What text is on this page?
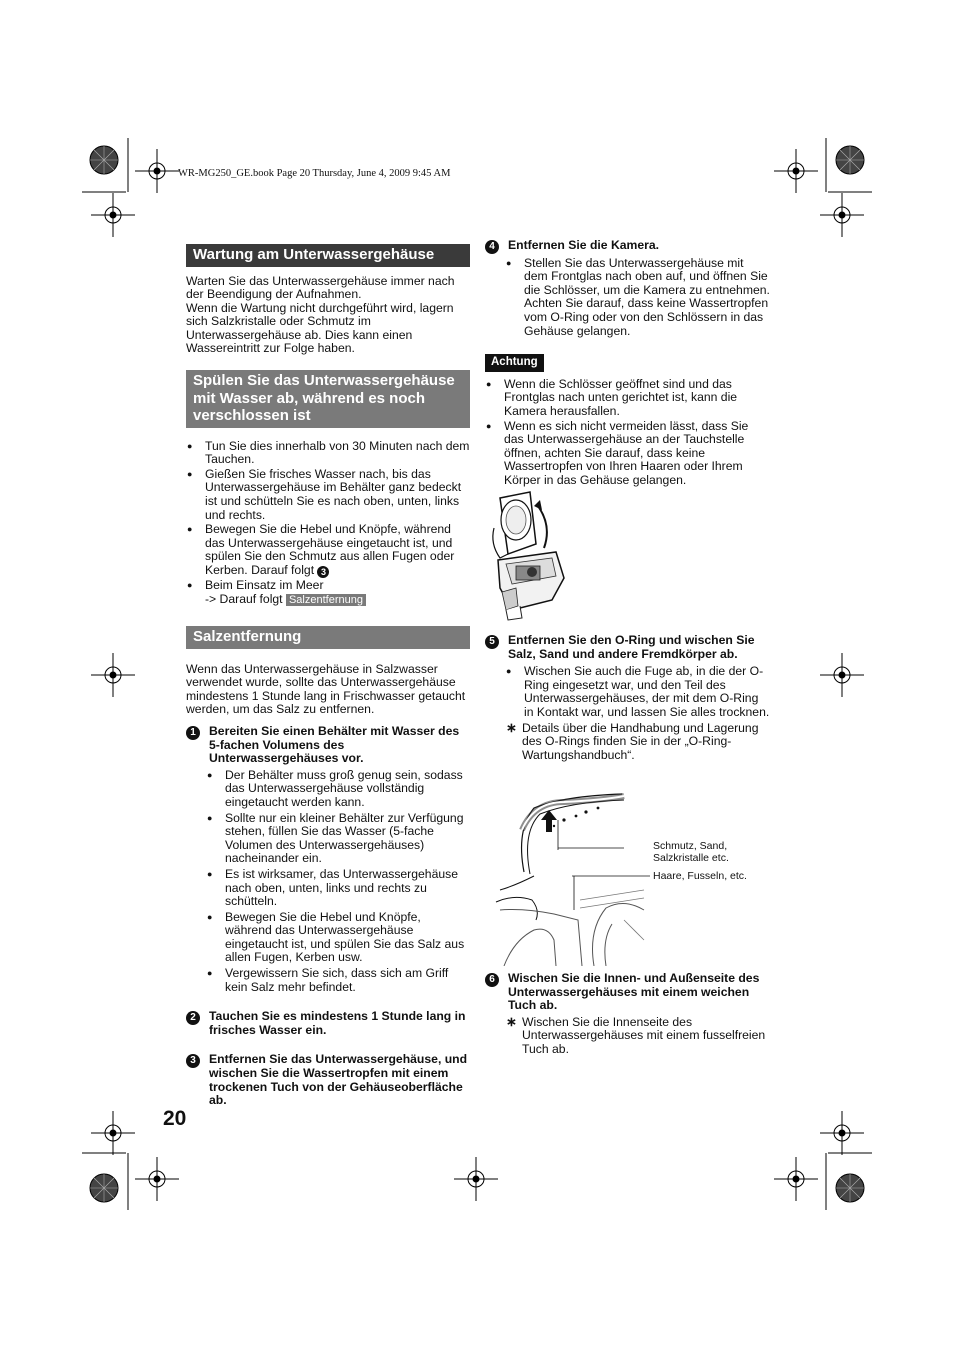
WR-MG250_GE.book Page 20 Thursday, June 4, 2009 9:45 AM
Wartung am Unterwassergehäuse

Warten Sie das Unterwassergehäuse immer nach der Beendigung der Aufnahmen.

Wenn die Wartung nicht durchgeführt wird, lagern sich Salzkristalle oder Schmutz im Unterwassergehäuse ab. Dies kann einen Wassereintritt zur Folge haben.

Spülen Sie das Unterwassergehäuse mit Wasser ab, während es noch verschlossen ist
● Tun Sie dies innerhalb von 30 Minuten nach dem Tauchen.
● Gießen Sie frisches Wasser nach, bis das Unterwassergehäuse im Behälter ganz bedeckt ist und schütteln Sie es nach oben, unten, links und rechts.
● Bewegen Sie die Hebel und Knöpfe, während das Unterwassergehäuse eingetaucht ist, und spülen Sie den Schmutz aus allen Fugen oder Kerben. Darauf folgt 3
● Beim Einsatz im Meer
-> Darauf folgt Salzentfernung
Salzentfernung

Wenn das Unterwassergehäuse in Salzwasser verwendet wurde, sollte das Unterwassergehäuse mindestens 1 Stunde lang in Frischwasser getaucht werden, um das Salz zu entfernen.

1	Bereiten Sie einen Behälter mit Wasser des 5-fachen Volumens des Unterwassergehäuses vor.
● Der Behälter muss groß genug sein, sodass das Unterwassergehäuse vollständig eingetaucht werden kann.
● Sollte nur ein kleiner Behälter zur Verfügung stehen, füllen Sie das Wasser (5-fache Volumen des Unterwassergehäuses) nacheinander ein.
● Es ist wirksamer, das Unterwassergehäuse nach oben, unten, links und rechts zu schütteln.
● Bewegen Sie die Hebel und Knöpfe, während das Unterwassergehäuse eingetaucht ist, und spülen Sie das Salz aus allen Fugen, Kerben usw.
● Vergewissern Sie sich, dass sich am Griff kein Salz mehr befindet.
2	Tauchen Sie es mindestens 1 Stunde lang in frisches Wasser ein.
3	Entfernen Sie das Unterwassergehäuse, und wischen Sie die Wassertropfen mit einem trockenen Tuch von der Gehäuseoberfläche ab.
20
4	Entfernen Sie die Kamera.
● Stellen Sie das Unterwassergehäuse mit dem Frontglas nach oben auf, und öffnen Sie die Schlösser, um die Kamera zu entnehmen. Achten Sie darauf, dass keine Wassertropfen vom O-Ring oder von den Schlössern in das Gehäuse gelangen.
Achtung
● Wenn die Schlösser geöffnet sind und das Frontglas nach unten gerichtet ist, kann die Kamera herausfallen.
● Wenn es sich nicht vermeiden lässt, dass Sie das Unterwassergehäuse an der Tauchstelle öffnen, achten Sie darauf, dass keine Wassertropfen von Ihren Haaren oder Ihrem Körper in das Gehäuse gelangen.
5	Entfernen Sie den O-Ring und wischen Sie Salz, Sand und andere Fremdkörper ab.
● Wischen Sie auch die Fuge ab, in die der O-Ring eingesetzt war, und den Teil des Unterwassergehäuses, der mit dem O-Ring in Kontakt war, und lassen Sie alles trocknen.
∗ Details über die Handhabung und Lagerung des O-Rings finden Sie in der „O-Ring-Wartungshandbuch“.
Schmutz, Sand, Salzkristalle etc.
Haare, Fusseln, etc.
6	Wischen Sie die Innen- und Außenseite des Unterwassergehäuses mit einem weichen Tuch ab.
∗ Wischen Sie die Innenseite des Unterwassergehäuses mit einem fusselfreien Tuch ab.
